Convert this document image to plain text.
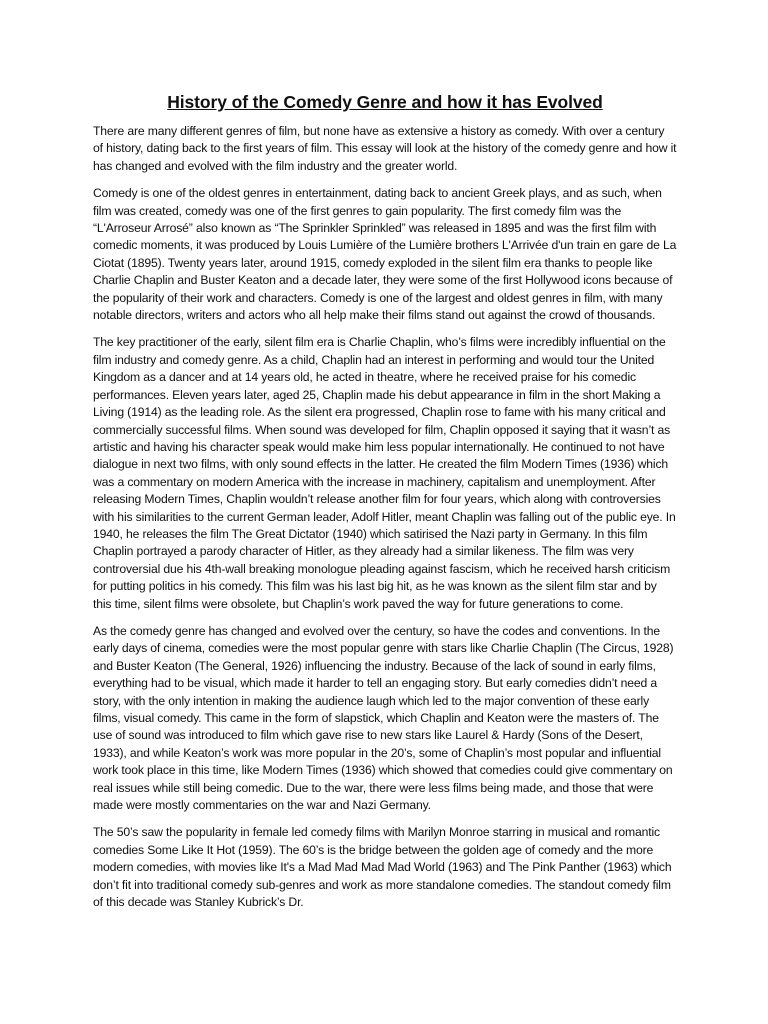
History of the Comedy Genre and how it has Evolved

There are many different genres of film, but none have as extensive a history as comedy. With over a century of history, dating back to the first years of film. This essay will look at the history of the comedy genre and how it has changed and evolved with the film industry and the greater world.

Comedy is one of the oldest genres in entertainment, dating back to ancient Greek plays, and as such, when film was created, comedy was one of the first genres to gain popularity. The first comedy film was the “L'Arroseur Arrosé” also known as “The Sprinkler Sprinkled” was released in 1895 and was the first film with comedic moments, it was produced by Louis Lumière of the Lumière brothers L'Arrivée d'un train en gare de La Ciotat (1895). Twenty years later, around 1915, comedy exploded in the silent film era thanks to people like Charlie Chaplin and Buster Keaton and a decade later, they were some of the first Hollywood icons because of the popularity of their work and characters. Comedy is one of the largest and oldest genres in film, with many notable directors, writers and actors who all help make their films stand out against the crowd of thousands.

The key practitioner of the early, silent film era is Charlie Chaplin, who’s films were incredibly influential on the film industry and comedy genre. As a child, Chaplin had an interest in performing and would tour the United Kingdom as a dancer and at 14 years old, he acted in theatre, where he received praise for his comedic performances. Eleven years later, aged 25, Chaplin made his debut appearance in film in the short Making a Living (1914) as the leading role. As the silent era progressed, Chaplin rose to fame with his many critical and commercially successful films. When sound was developed for film, Chaplin opposed it saying that it wasn’t as artistic and having his character speak would make him less popular internationally. He continued to not have dialogue in next two films, with only sound effects in the latter. He created the film Modern Times (1936) which was a commentary on modern America with the increase in machinery, capitalism and unemployment. After releasing Modern Times, Chaplin wouldn’t release another film for four years, which along with controversies with his similarities to the current German leader, Adolf Hitler, meant Chaplin was falling out of the public eye. In 1940, he releases the film The Great Dictator (1940) which satirised the Nazi party in Germany. In this film Chaplin portrayed a parody character of Hitler, as they already had a similar likeness. The film was very controversial due his 4th-wall breaking monologue pleading against fascism, which he received harsh criticism for putting politics in his comedy. This film was his last big hit, as he was known as the silent film star and by this time, silent films were obsolete, but Chaplin’s work paved the way for future generations to come.

As the comedy genre has changed and evolved over the century, so have the codes and conventions. In the early days of cinema, comedies were the most popular genre with stars like Charlie Chaplin (The Circus, 1928) and Buster Keaton (The General, 1926) influencing the industry. Because of the lack of sound in early films, everything had to be visual, which made it harder to tell an engaging story. But early comedies didn’t need a story, with the only intention in making the audience laugh which led to the major convention of these early films, visual comedy. This came in the form of slapstick, which Chaplin and Keaton were the masters of. The use of sound was introduced to film which gave rise to new stars like Laurel & Hardy (Sons of the Desert, 1933), and while Keaton’s work was more popular in the 20’s, some of Chaplin’s most popular and influential work took place in this time, like Modern Times (1936) which showed that comedies could give commentary on real issues while still being comedic. Due to the war, there were less films being made, and those that were made were mostly commentaries on the war and Nazi Germany.

The 50’s saw the popularity in female led comedy films with Marilyn Monroe starring in musical and romantic comedies Some Like It Hot (1959). The 60’s is the bridge between the golden age of comedy and the more modern comedies, with movies like It's a Mad Mad Mad Mad World (1963) and The Pink Panther (1963) which don’t fit into traditional comedy sub-genres and work as more standalone comedies. The standout comedy film of this decade was Stanley Kubrick’s Dr.
